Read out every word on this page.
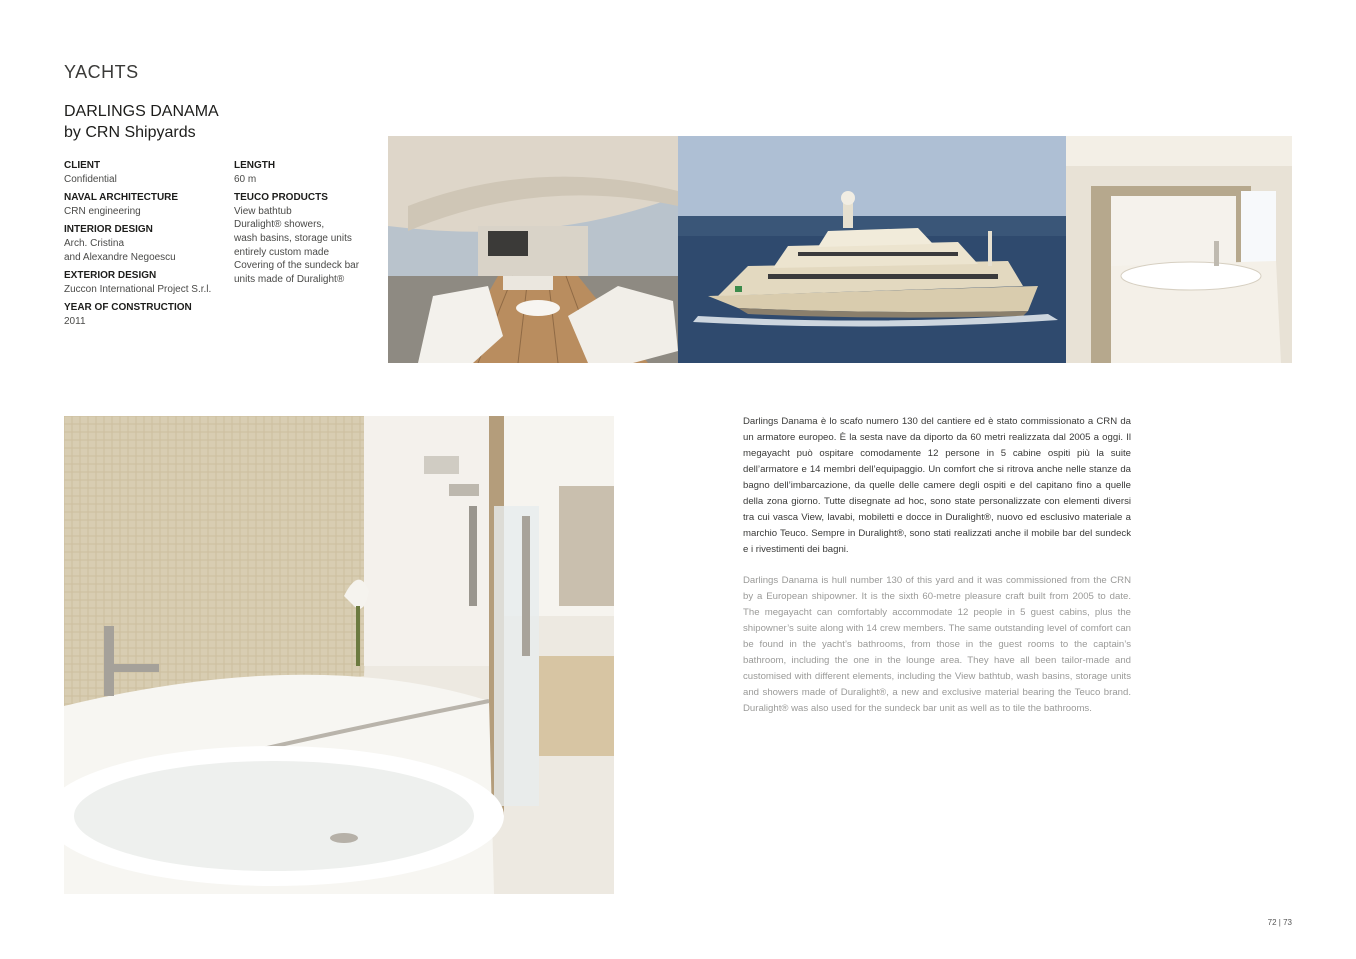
YACHTS
DARLINGS DANAMA
by CRN Shipyards
CLIENT
Confidential
NAVAL ARCHITECTURE
CRN engineering
INTERIOR DESIGN
Arch. Cristina
and Alexandre Negoescu
EXTERIOR DESIGN
Zuccon International Project S.r.l.
YEAR OF CONSTRUCTION
2011
LENGTH
60 m
TEUCO PRODUCTS
View bathtub
Duralight® showers,
wash basins, storage units
entirely custom made
Covering of the sundeck bar
units made of Duralight®
Darlings Danama è lo scafo numero 130 del cantiere ed è stato commissionato a CRN da un armatore europeo. È la sesta nave da diporto da 60 metri realizzata dal 2005 a oggi. Il megayacht può ospitare comodamente 12 persone in 5 cabine ospiti più la suite dell’armatore e 14 membri dell’equipaggio. Un comfort che si ritrova anche nelle stanze da bagno dell’imbarcazione, da quelle delle camere degli ospiti e del capitano fino a quelle della zona giorno. Tutte disegnate ad hoc, sono state personalizzate con elementi diversi tra cui vasca View, lavabi, mobiletti e docce in Duralight®, nuovo ed esclusivo materiale a marchio Teuco. Sempre in Duralight®, sono stati realizzati anche il mobile bar del sundeck e i rivestimenti dei bagni.
Darlings Danama is hull number 130 of this yard and it was commissioned from the CRN by a European shipowner. It is the sixth 60-metre pleasure craft built from 2005 to date. The megayacht can comfortably accommodate 12 people in 5 guest cabins, plus the shipowner’s suite along with 14 crew members. The same outstanding level of comfort can be found in the yacht’s bathrooms, from those in the guest rooms to the captain’s bathroom, including the one in the lounge area. They have all been tailor-made and customised with different elements, including the View bathtub, wash basins, storage units and showers made of Duralight®, a new and exclusive material bearing the Teuco brand. Duralight® was also used for the sundeck bar unit as well as to tile the bathrooms.
72 | 73
